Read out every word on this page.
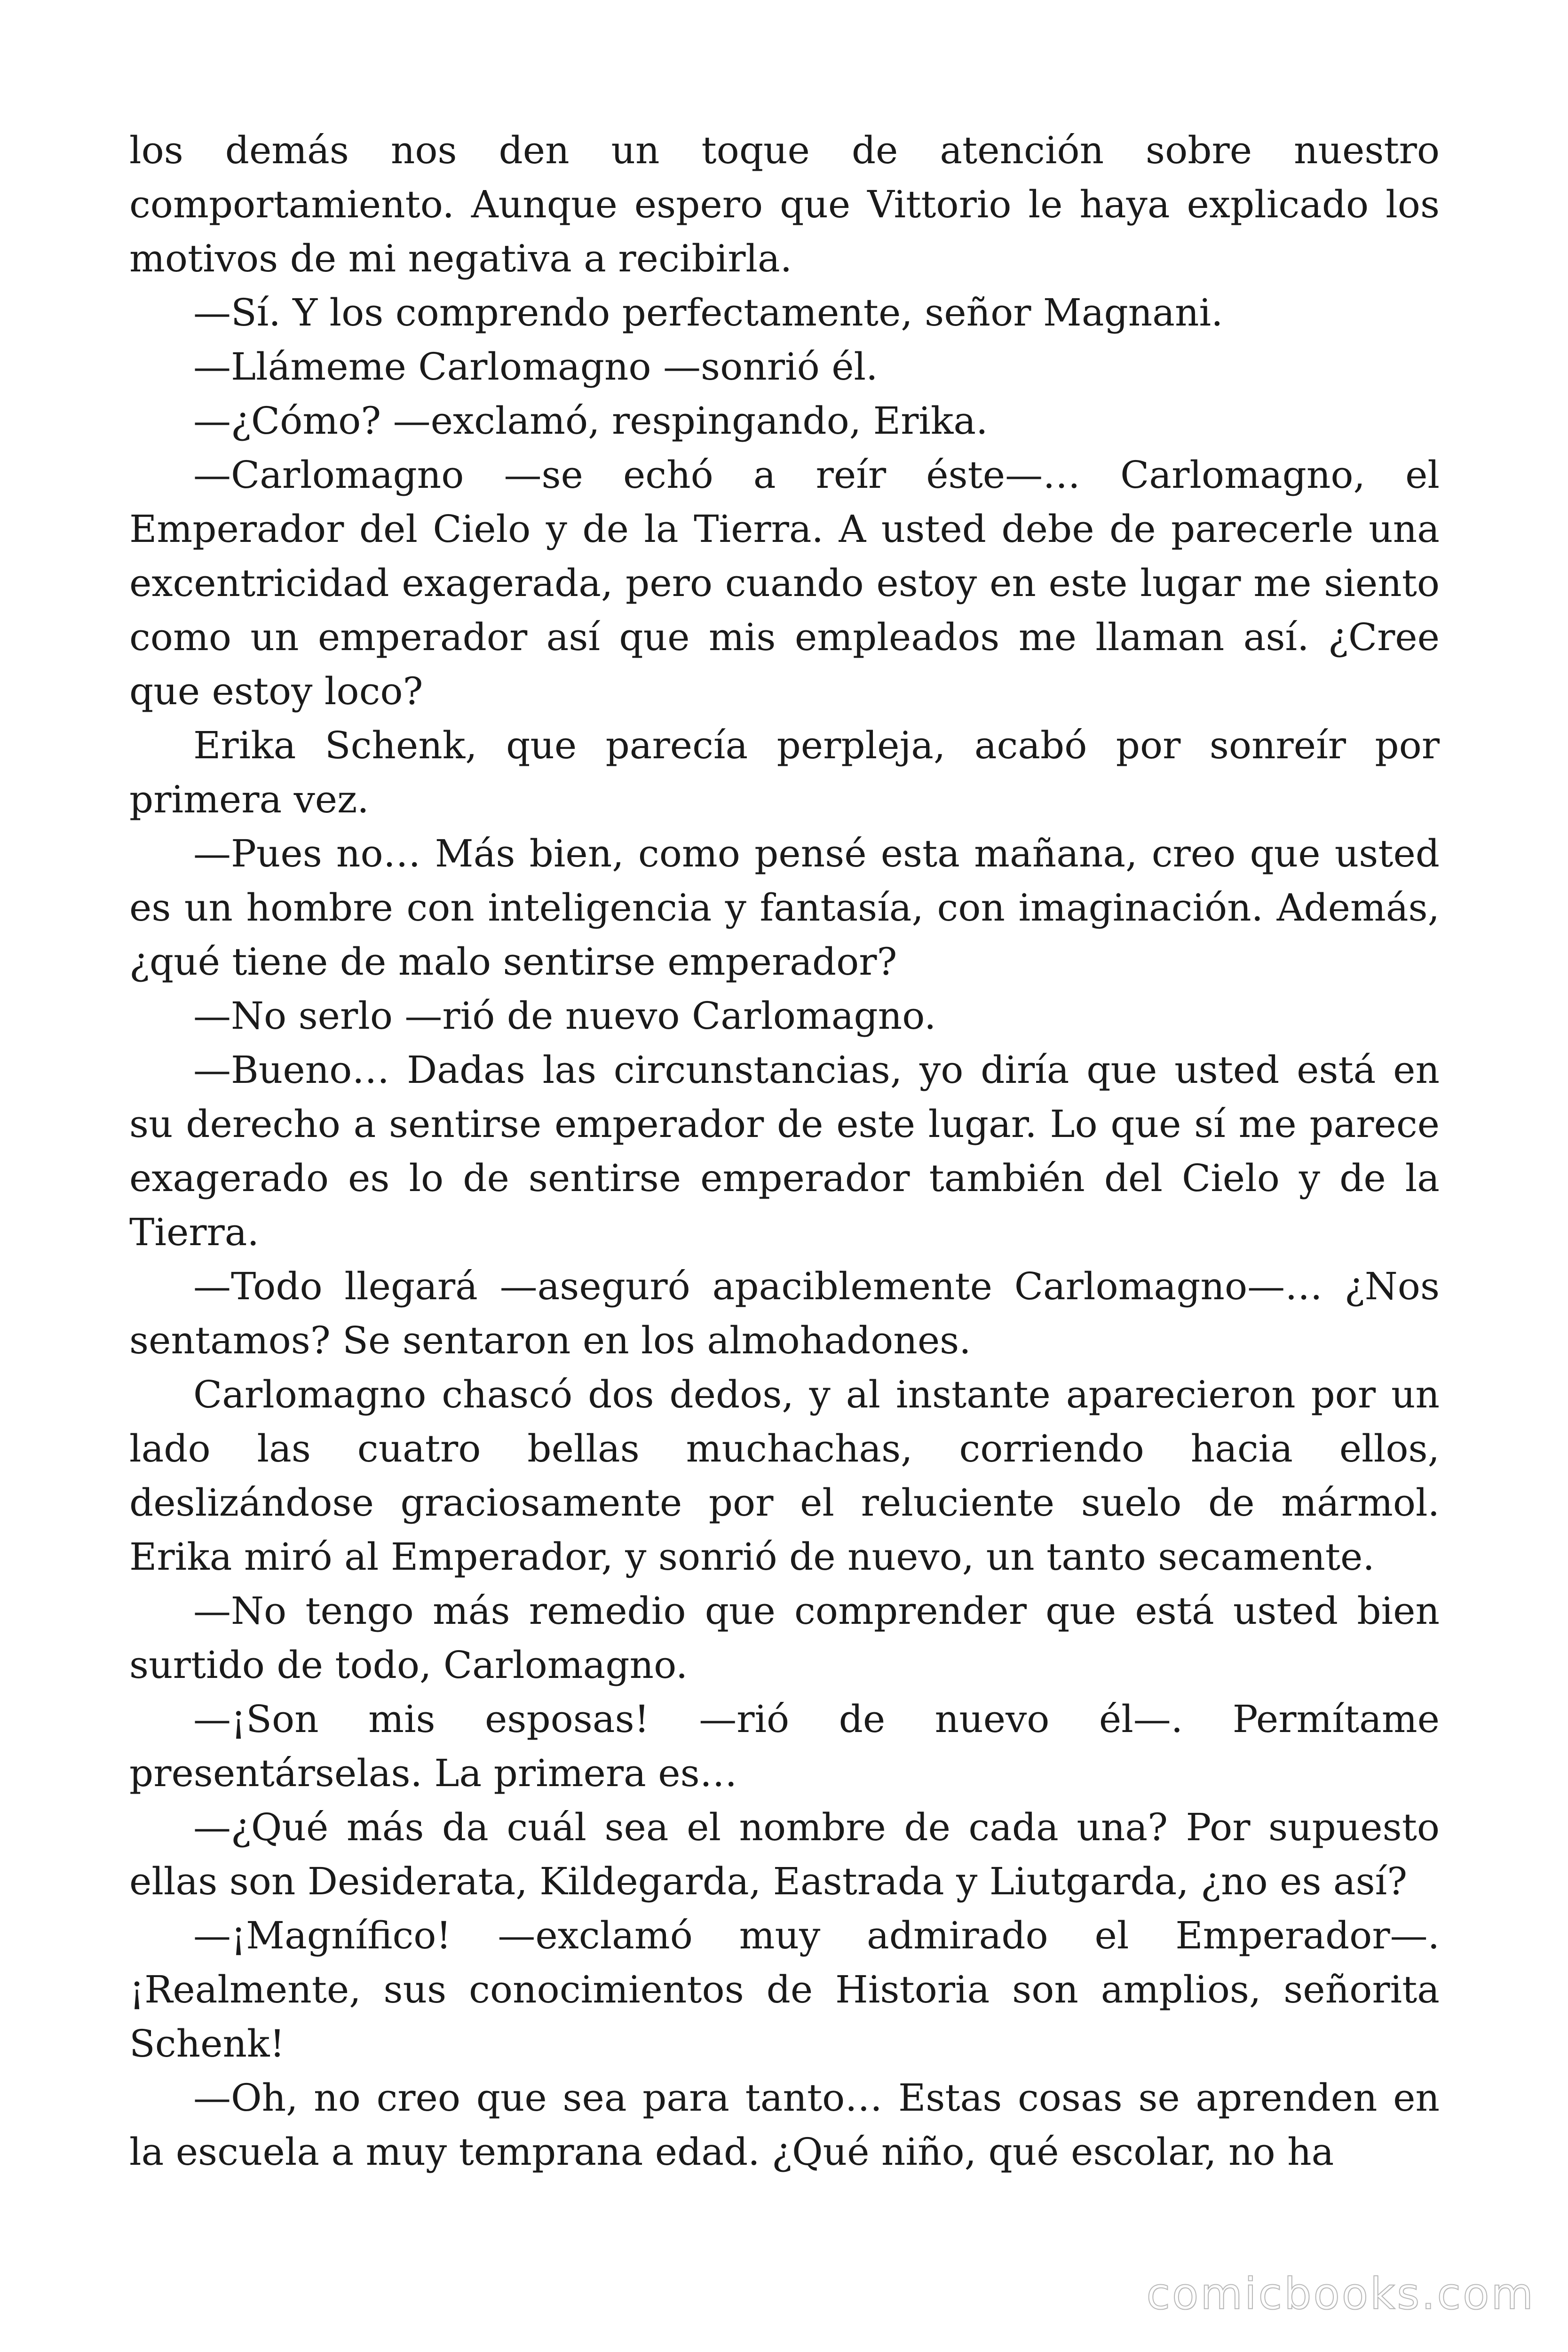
los demás nos den un toque de atención sobre nuestro comportamiento. Aunque espero que Vittorio le haya explicado los motivos de mi negativa a recibirla.

—Sí. Y los comprendo perfectamente, señor Magnani.

—Llámeme Carlomagno —sonrió él.

—¿Cómo? —exclamó, respingando, Erika.

—Carlomagno —se echó a reír éste—… Carlomagno, el Emperador del Cielo y de la Tierra. A usted debe de parecerle una excentricidad exagerada, pero cuando estoy en este lugar me siento como un emperador así que mis empleados me llaman así. ¿Cree que estoy loco?

Erika Schenk, que parecía perpleja, acabó por sonreír por primera vez.

—Pues no… Más bien, como pensé esta mañana, creo que usted es un hombre con inteligencia y fantasía, con imaginación. Además, ¿qué tiene de malo sentirse emperador?

—No serlo —rió de nuevo Carlomagno.

—Bueno… Dadas las circunstancias, yo diría que usted está en su derecho a sentirse emperador de este lugar. Lo que sí me parece exagerado es lo de sentirse emperador también del Cielo y de la Tierra.

—Todo llegará —aseguró apaciblemente Carlomagno—… ¿Nos sentamos? Se sentaron en los almohadones.

Carlomagno chascó dos dedos, y al instante aparecieron por un lado las cuatro bellas muchachas, corriendo hacia ellos, deslizándose graciosamente por el reluciente suelo de mármol. Erika miró al Emperador, y sonrió de nuevo, un tanto secamente.

—No tengo más remedio que comprender que está usted bien surtido de todo, Carlomagno.

—¡Son mis esposas! —rió de nuevo él—. Permítame presentárselas. La primera es…

—¿Qué más da cuál sea el nombre de cada una? Por supuesto ellas son Desiderata, Kildegarda, Eastrada y Liutgarda, ¿no es así?

—¡Magnífico! —exclamó muy admirado el Emperador—. ¡Realmente, sus conocimientos de Historia son amplios, señorita Schenk!

—Oh, no creo que sea para tanto… Estas cosas se aprenden en la escuela a muy temprana edad. ¿Qué niño, qué escolar, no ha

comicbooks.com
